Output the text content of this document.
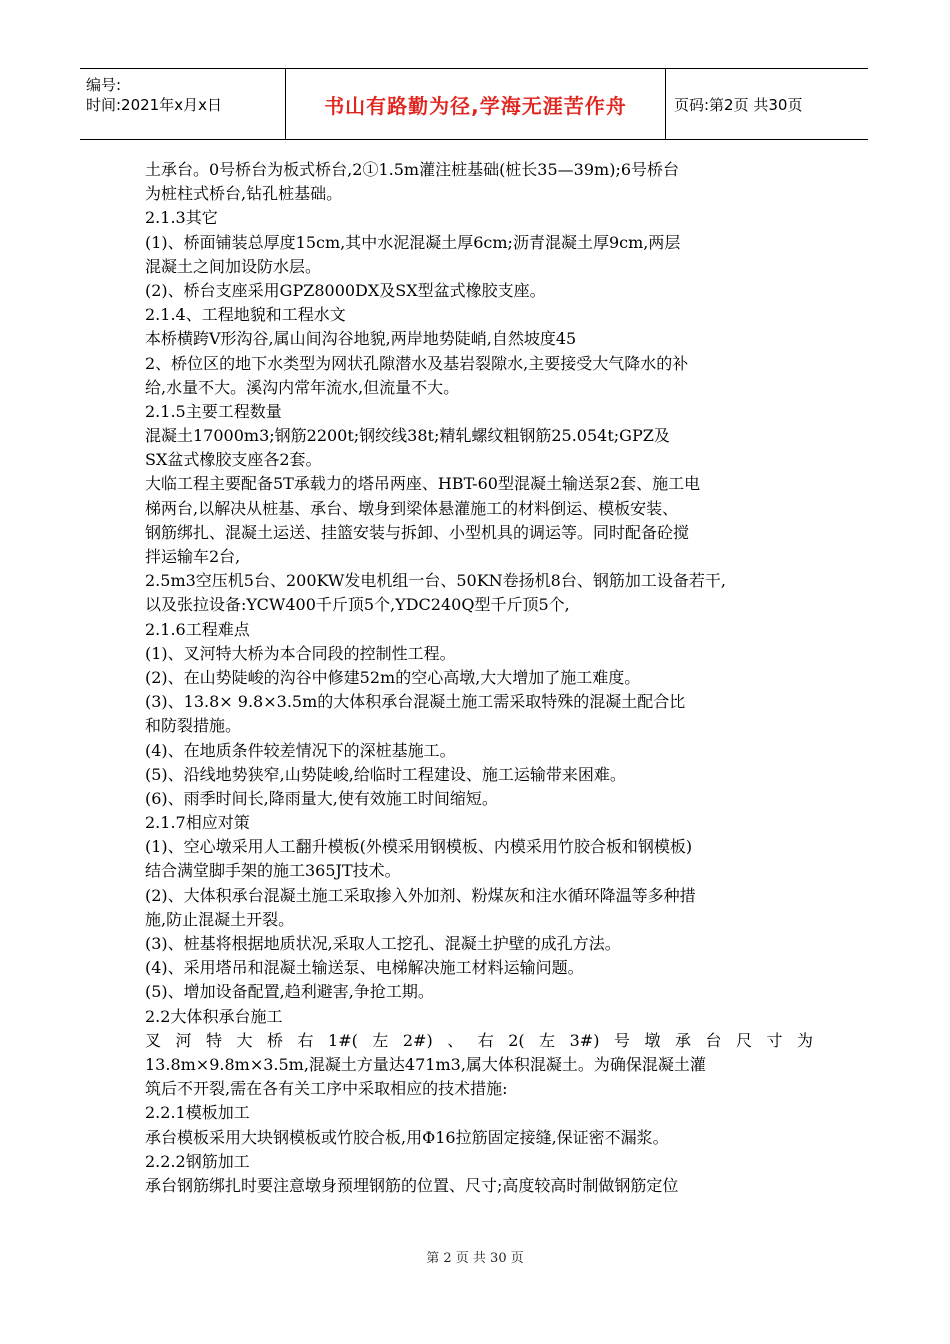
编号:
时间:2021年x月x日	书山有路勤为径,学海无涯苦作舟	页码:第2页 共30页
土承台。0号桥台为板式桥台,2①1.5m灌注桩基础(桩长35—39m);6号桥台
为桩柱式桥台,钻孔桩基础。
2.1.3其它
(1)、桥面铺装总厚度15cm,其中水泥混凝土厚6cm;沥青混凝土厚9cm,两层
混凝土之间加设防水层。
(2)、桥台支座采用GPZ8000DX及SX型盆式橡胶支座。
2.1.4、工程地貌和工程水文
本桥横跨V形沟谷,属山间沟谷地貌,两岸地势陡峭,自然坡度45
2、桥位区的地下水类型为网状孔隙潜水及基岩裂隙水,主要接受大气降水的补
给,水量不大。溪沟内常年流水,但流量不大。
2.1.5主要工程数量
混凝土17000m3;钢筋2200t;钢绞线38t;精轧螺纹粗钢筋25.054t;GPZ及
SX盆式橡胶支座各2套。
大临工程主要配备5T承载力的塔吊两座、HBT-60型混凝土输送泵2套、施工电
梯两台,以解决从桩基、承台、墩身到梁体悬灌施工的材料倒运、模板安装、
钢筋绑扎、混凝土运送、挂篮安装与拆卸、小型机具的调运等。同时配备砼搅
拌运输车2台,
2.5m3空压机5台、200KW发电机组一台、50KN卷扬机8台、钢筋加工设备若干,
以及张拉设备:YCW400千斤顶5个,YDC240Q型千斤顶5个,
2.1.6工程难点
(1)、叉河特大桥为本合同段的控制性工程。
(2)、在山势陡峻的沟谷中修建52m的空心高墩,大大增加了施工难度。
(3)、13.8× 9.8×3.5m的大体积承台混凝土施工需采取特殊的混凝土配合比
和防裂措施。
(4)、在地质条件较差情况下的深桩基施工。
(5)、沿线地势狭窄,山势陡峻,给临时工程建设、施工运输带来困难。
(6)、雨季时间长,降雨量大,使有效施工时间缩短。
2.1.7相应对策
(1)、空心墩采用人工翻升模板(外模采用钢模板、内模采用竹胶合板和钢模板)
结合满堂脚手架的施工365JT技术。
(2)、大体积承台混凝土施工采取掺入外加剂、粉煤灰和注水循环降温等多种措
施,防止混凝土开裂。
(3)、桩基将根据地质状况,采取人工挖孔、混凝土护壁的成孔方法。
(4)、采用塔吊和混凝土输送泵、电梯解决施工材料运输问题。
(5)、增加设备配置,趋利避害,争抢工期。
2.2大体积承台施工
叉河特大桥右1#(左2#)、右2(左3#)号墩承台尺寸为
13.8m×9.8m×3.5m,混凝土方量达471m3,属大体积混凝土。为确保混凝土灌
筑后不开裂,需在各有关工序中采取相应的技术措施:
2.2.1模板加工
承台模板采用大块钢模板或竹胶合板,用Φ16拉筋固定接缝,保证密不漏浆。
2.2.2钢筋加工
承台钢筋绑扎时要注意墩身预埋钢筋的位置、尺寸;高度较高时制做钢筋定位
第 2 页 共 30 页
